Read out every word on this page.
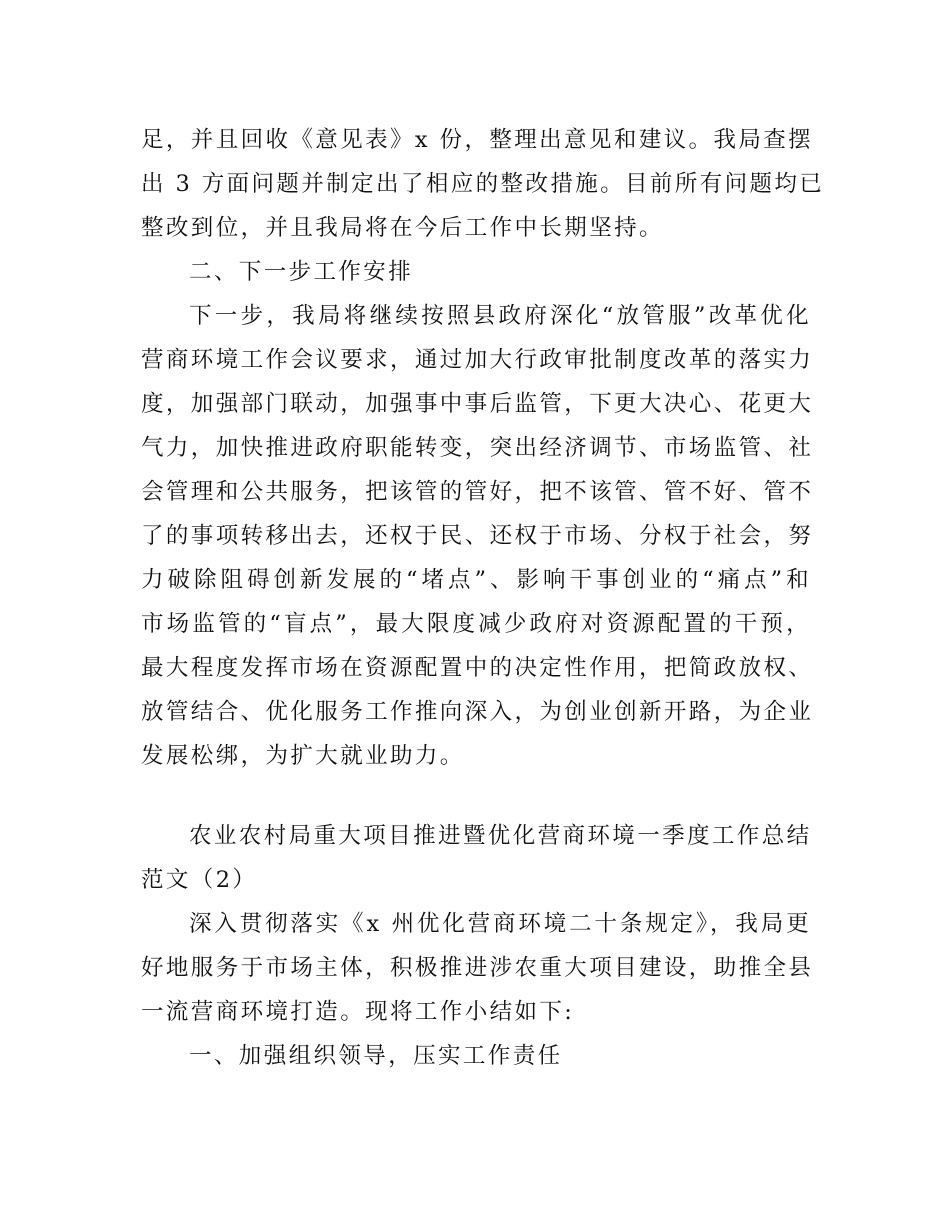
足，并且回收《意见表》x 份，整理出意见和建议。我局查摆
出 3 方面问题并制定出了相应的整改措施。目前所有问题均已
整改到位，并且我局将在今后工作中长期坚持。
二、下一步工作安排
下一步，我局将继续按照县政府深化“放管服”改革优化
营商环境工作会议要求，通过加大行政审批制度改革的落实力
度，加强部门联动，加强事中事后监管，下更大决心、花更大
气力，加快推进政府职能转变，突出经济调节、市场监管、社
会管理和公共服务，把该管的管好，把不该管、管不好、管不
了的事项转移出去，还权于民、还权于市场、分权于社会，努
力破除阻碍创新发展的“堵点”、影响干事创业的“痛点”和
市场监管的“盲点”，最大限度减少政府对资源配置的干预，
最大程度发挥市场在资源配置中的决定性作用，把简政放权、
放管结合、优化服务工作推向深入，为创业创新开路，为企业
发展松绑，为扩大就业助力。
农业农村局重大项目推进暨优化营商环境一季度工作总结
范文（2）
深入贯彻落实《x 州优化营商环境二十条规定》，我局更
好地服务于市场主体，积极推进涉农重大项目建设，助推全县
一流营商环境打造。现将工作小结如下:
一、加强组织领导，压实工作责任
